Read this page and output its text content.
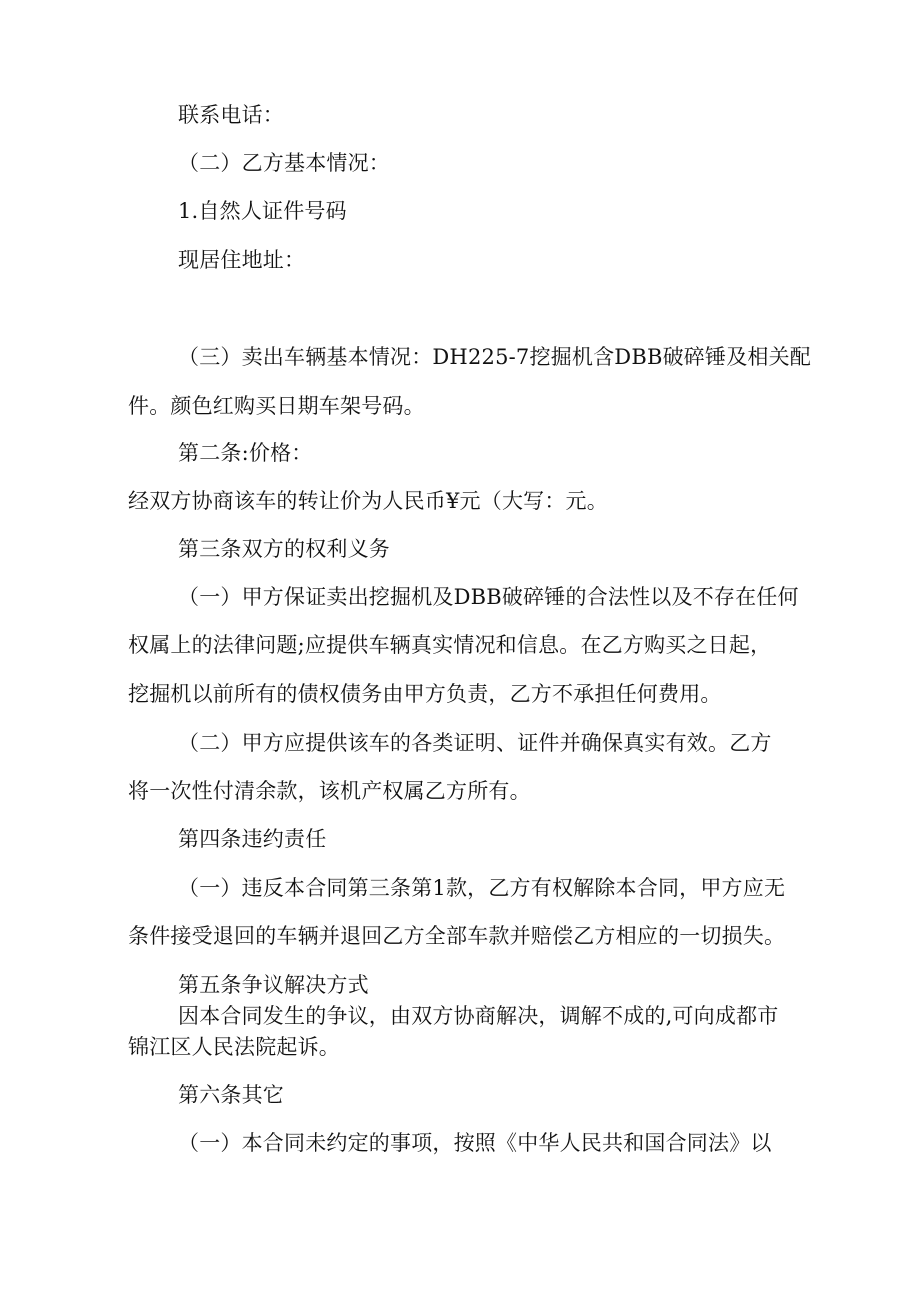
联系电话：
（二）乙方基本情况：
1.自然人证件号码
现居住地址：
（三）卖出车辆基本情况：DH225-7挖掘机含DBB破碎锤及相关配
件。颜色红购买日期车架号码。
第二条:价格：
经双方协商该车的转让价为人民币¥元（大写：元。
第三条双方的权利义务
（一）甲方保证卖出挖掘机及DBB破碎锤的合法性以及不存在任何
权属上的法律问题;应提供车辆真实情况和信息。在乙方购买之日起，
挖掘机以前所有的债权债务由甲方负责，乙方不承担任何费用。
（二）甲方应提供该车的各类证明、证件并确保真实有效。乙方
将一次性付清余款，该机产权属乙方所有。
第四条违约责任
（一）违反本合同第三条第1款，乙方有权解除本合同，甲方应无
条件接受退回的车辆并退回乙方全部车款并赔偿乙方相应的一切损失。
第五条争议解决方式
因本合同发生的争议，由双方协商解决，调解不成的,可向成都市
锦江区人民法院起诉。
第六条其它
（一）本合同未约定的事项，按照《中华人民共和国合同法》以
